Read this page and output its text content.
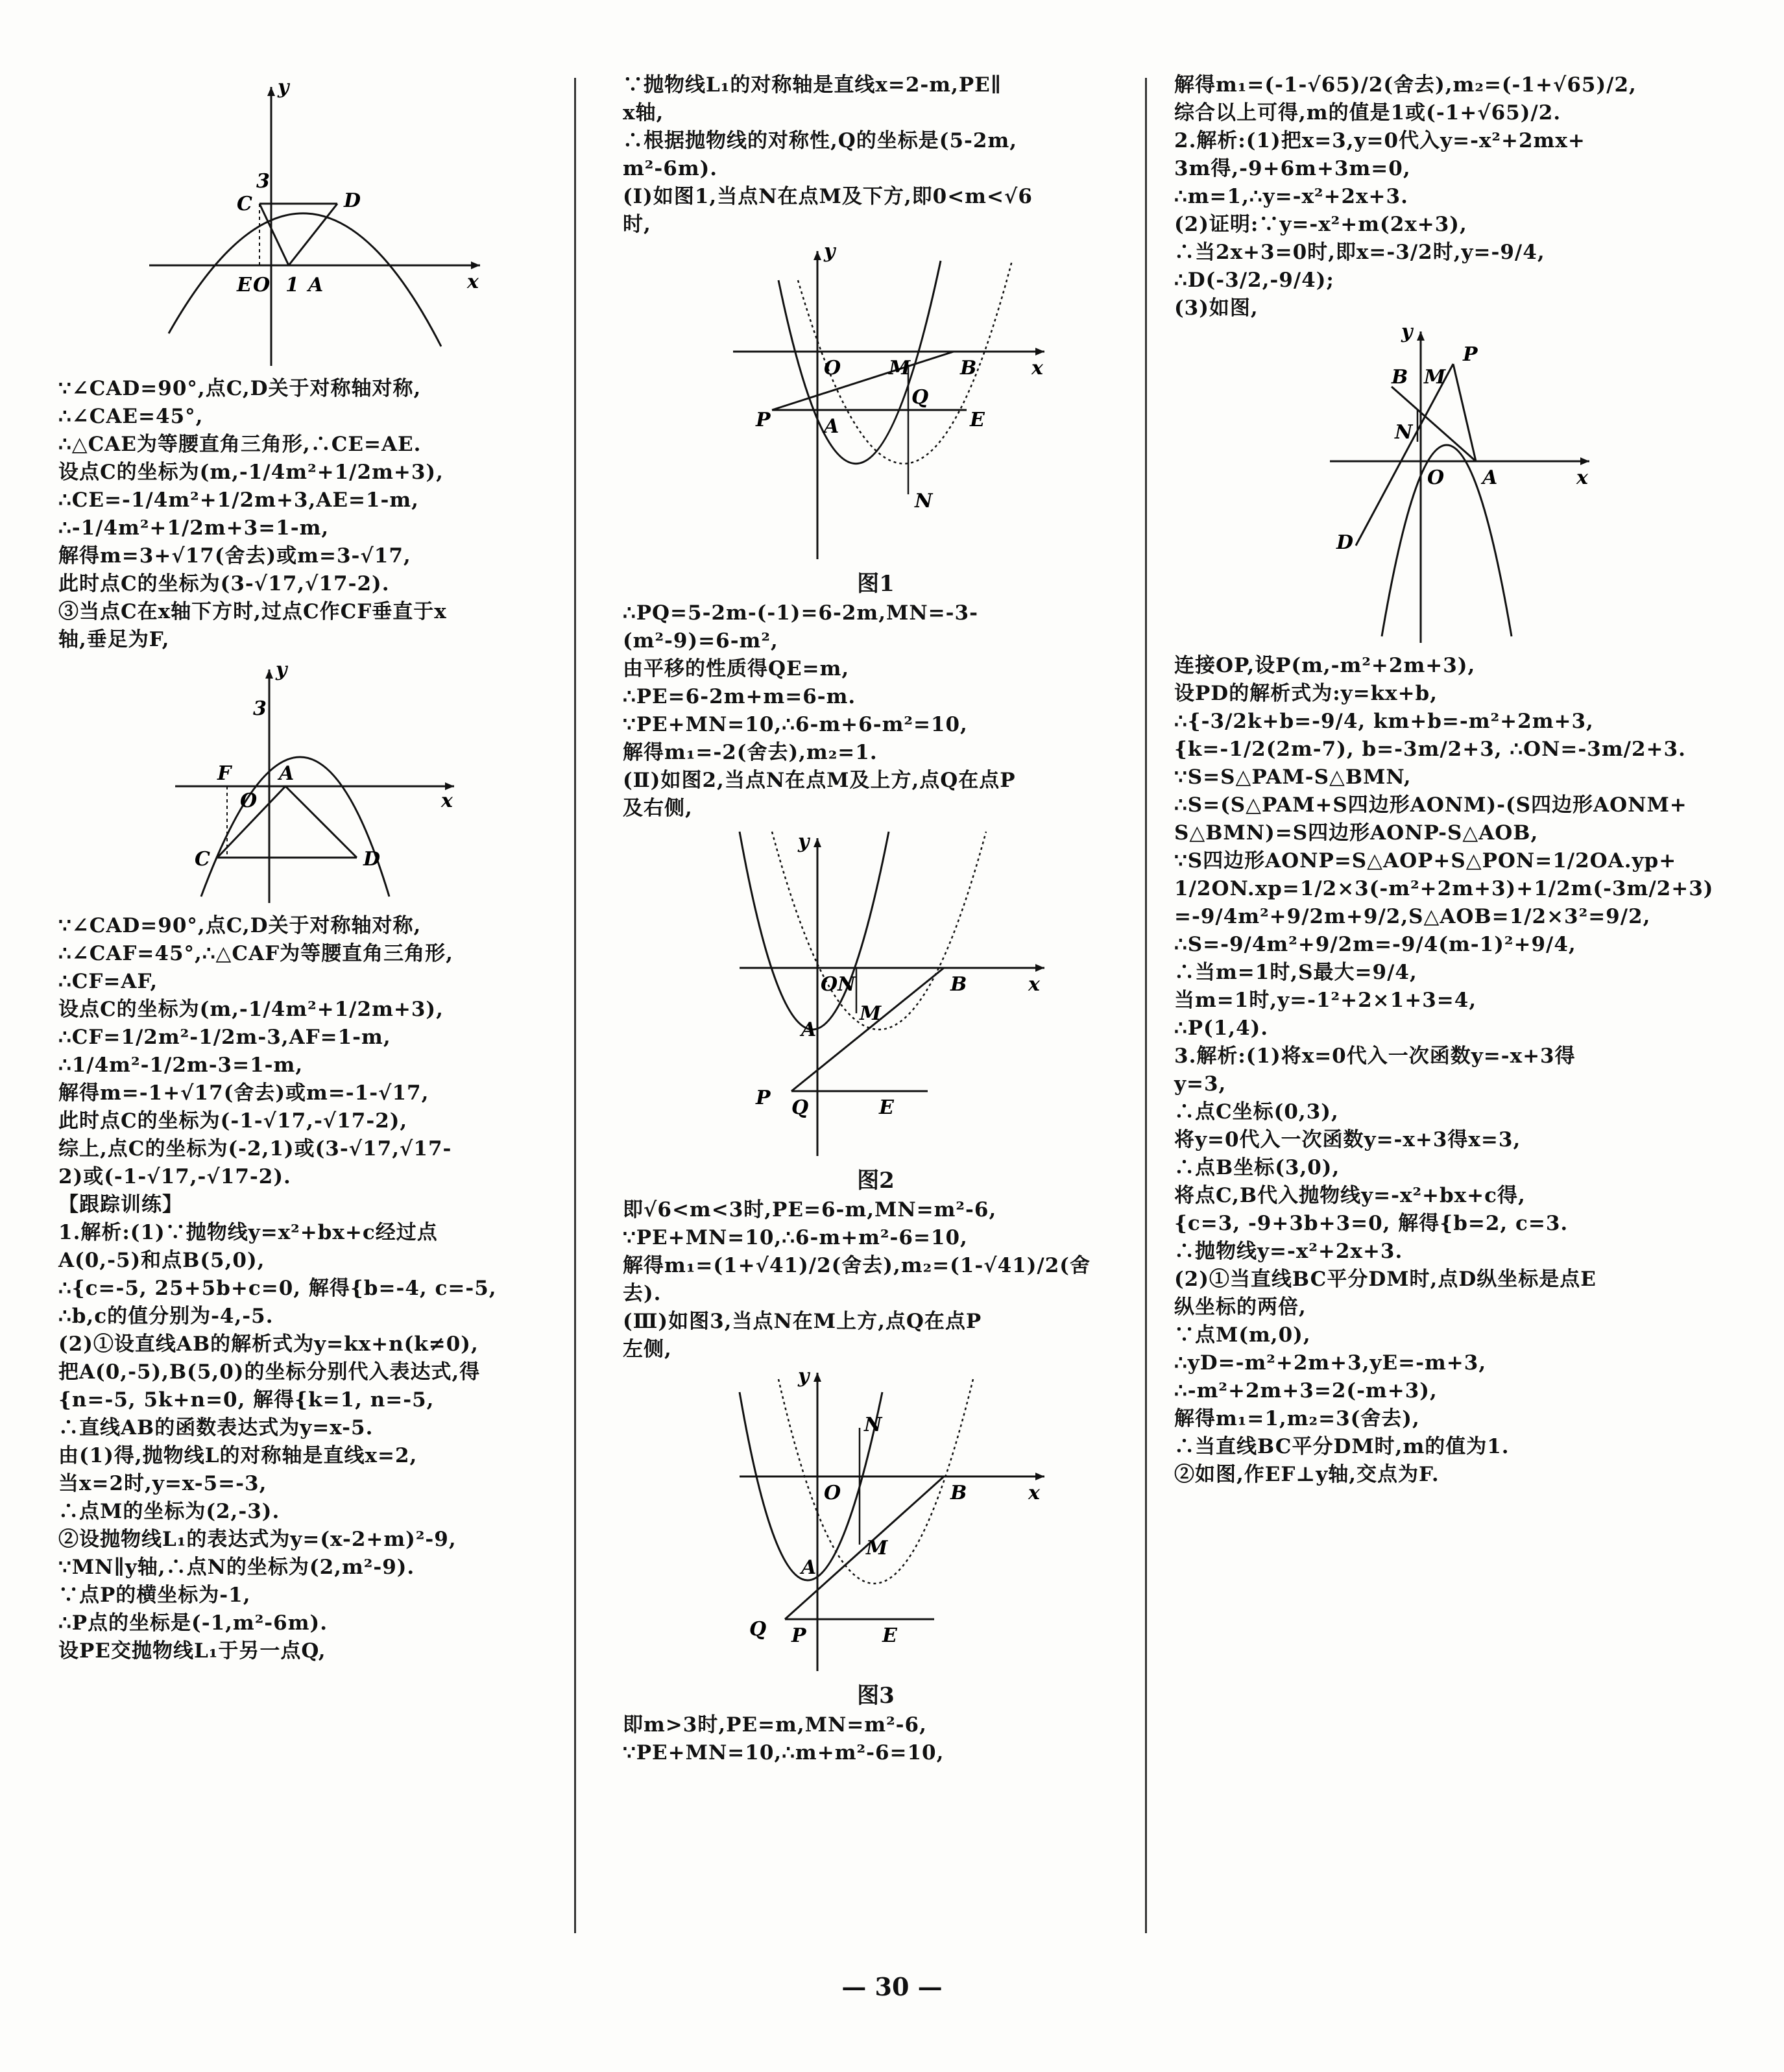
y
x
3
C	D
E O 1 A
∵∠CAD=90°,点C,D关于对称轴对称,
∴∠CAE=45°,
∴△CAE为等腰直角三角形,∴CE=AE.
设点C的坐标为(m,-1/4m²+1/2m+3),
∴CE=-1/4m²+1/2m+3,AE=1-m,
∴-1/4m²+1/2m+3=1-m,
解得m=3+√17(舍去)或m=3-√17,
此时点C的坐标为(3-√17,√17-2).
③当点C在x轴下方时,过点C作CF垂直于x
轴,垂足为F,
y
x
3
F A
O
C	D
∵∠CAD=90°,点C,D关于对称轴对称,
∴∠CAF=45°,∴△CAF为等腰直角三角形,
∴CF=AF,
设点C的坐标为(m,-1/4m²+1/2m+3),
∴CF=1/2m²-1/2m-3,AF=1-m,
∴1/4m²-1/2m-3=1-m,
解得m=-1+√17(舍去)或m=-1-√17,
此时点C的坐标为(-1-√17,-√17-2),
综上,点C的坐标为(-2,1)或(3-√17,√17-
2)或(-1-√17,-√17-2).
【跟踪训练】
1.解析:(1)∵抛物线y=x²+bx+c经过点
A(0,-5)和点B(5,0),
∴{c=-5, 25+5b+c=0, 解得{b=-4, c=-5,
∴b,c的值分别为-4,-5.
(2)①设直线AB的解析式为y=kx+n(k≠0),
把A(0,-5),B(5,0)的坐标分别代入表达式,得
{n=-5, 5k+n=0, 解得{k=1, n=-5,
∴直线AB的函数表达式为y=x-5.
由(1)得,抛物线L的对称轴是直线x=2,
当x=2时,y=x-5=-3,
∴点M的坐标为(2,-3).
②设抛物线L₁的表达式为y=(x-2+m)²-9,
∵MN∥y轴,∴点N的坐标为(2,m²-9).
∵点P的横坐标为-1,
∴P点的坐标是(-1,m²-6m).
设PE交抛物线L₁于另一点Q,
∵抛物线L₁的对称轴是直线x=2-m,PE∥
x轴,
∴根据抛物线的对称性,Q的坐标是(5-2m,
m²-6m).
(Ⅰ)如图1,当点N在点M及下方,即0<m<√6
时,
y
x
O M	B
Q
P	A	E
N
图1
∴PQ=5-2m-(-1)=6-2m,MN=-3-
(m²-9)=6-m²,
由平移的性质得QE=m,
∴PE=6-2m+m=6-m.
∵PE+MN=10,∴6-m+6-m²=10,
解得m₁=-2(舍去),m₂=1.
(Ⅱ)如图2,当点N在点M及上方,点Q在点P
及右侧,
y
x
ON	B
M
A
P Q	E
图2
即√6<m<3时,PE=6-m,MN=m²-6,
∵PE+MN=10,∴6-m+m²-6=10,
解得m₁=(1+√41)/2(舍去),m₂=(1-√41)/2(舍
去).
(Ⅲ)如图3,当点N在M上方,点Q在点P
左侧,
y
x
N
O	B
M
A
Q P	E
图3
即m>3时,PE=m,MN=m²-6,
∵PE+MN=10,∴m+m²-6=10,
解得m₁=(-1-√65)/2(舍去),m₂=(-1+√65)/2,
综合以上可得,m的值是1或(-1+√65)/2.
2.解析:(1)把x=3,y=0代入y=-x²+2mx+
3m得,-9+6m+3m=0,
∴m=1,∴y=-x²+2x+3.
(2)证明:∵y=-x²+m(2x+3),
∴当2x+3=0时,即x=-3/2时,y=-9/4,
∴D(-3/2,-9/4);
(3)如图,
y
x
B M
P
N
O A
D
连接OP,设P(m,-m²+2m+3),
设PD的解析式为:y=kx+b,
∴{-3/2k+b=-9/4, km+b=-m²+2m+3,
{k=-1/2(2m-7), b=-3m/2+3, ∴ON=-3m/2+3.
∵S=S△PAM-S△BMN,
∴S=(S△PAM+S四边形AONM)-(S四边形AONM+
S△BMN)=S四边形AONP-S△AOB,
∵S四边形AONP=S△AOP+S△PON=1/2OA.yp+
1/2ON.xp=1/2×3(-m²+2m+3)+1/2m(-3m/2+3)
=-9/4m²+9/2m+9/2,S△AOB=1/2×3²=9/2,
∴S=-9/4m²+9/2m=-9/4(m-1)²+9/4,
∴当m=1时,S最大=9/4,
当m=1时,y=-1²+2×1+3=4,
∴P(1,4).
3.解析:(1)将x=0代入一次函数y=-x+3得
y=3,
∴点C坐标(0,3),
将y=0代入一次函数y=-x+3得x=3,
∴点B坐标(3,0),
将点C,B代入抛物线y=-x²+bx+c得,
{c=3, -9+3b+3=0, 解得{b=2, c=3.
∴抛物线y=-x²+2x+3.
(2)①当直线BC平分DM时,点D纵坐标是点E
纵坐标的两倍,
∵点M(m,0),
∴yD=-m²+2m+3,yE=-m+3,
∴-m²+2m+3=2(-m+3),
解得m₁=1,m₂=3(舍去),
∴当直线BC平分DM时,m的值为1.
②如图,作EF⊥y轴,交点为F.
— 30 —
